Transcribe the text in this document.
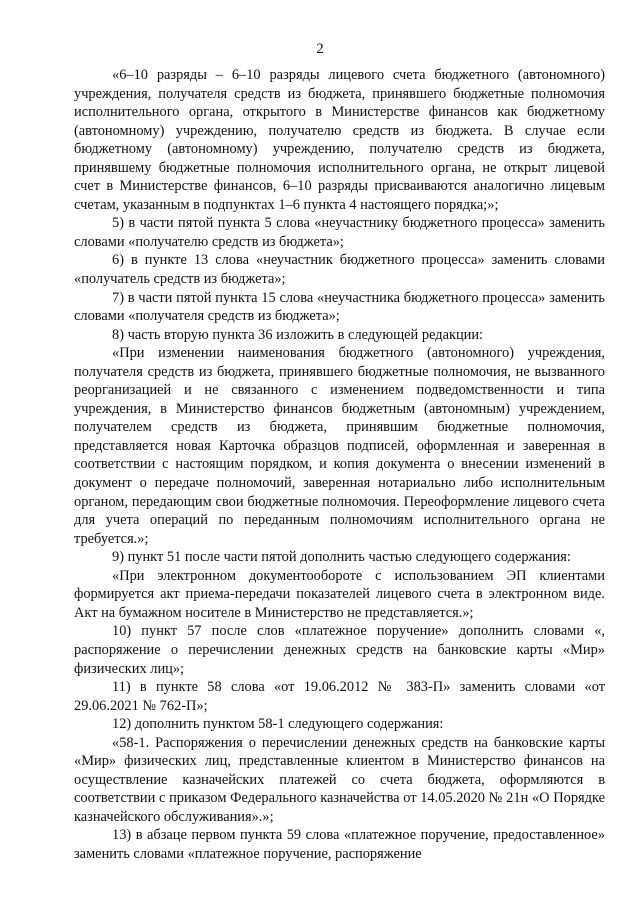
2

«6–10 разряды – 6–10 разряды лицевого счета бюджетного (автономного) учреждения, получателя средств из бюджета, принявшего бюджетные полномочия исполнительного органа, открытого в Министерстве финансов как бюджетному (автономному) учреждению, получателю средств из бюджета. В случае если бюджетному (автономному) учреждению, получателю средств из бюджета, принявшему бюджетные полномочия исполнительного органа, не открыт лицевой счет в Министерстве финансов, 6–10 разряды присваиваются аналогично лицевым счетам, указанным в подпунктах 1–6 пункта 4 настоящего порядка;»;

5) в части пятой пункта 5 слова «неучастнику бюджетного процесса» заменить словами «получателю средств из бюджета»;

6) в пункте 13 слова «неучастник бюджетного процесса» заменить словами «получатель средств из бюджета»;

7) в части пятой пункта 15 слова «неучастника бюджетного процесса» заменить словами «получателя средств из бюджета»;

8) часть вторую пункта 36 изложить в следующей редакции:

«При изменении наименования бюджетного (автономного) учреждения, получателя средств из бюджета, принявшего бюджетные полномочия, не вызванного реорганизацией и не связанного с изменением подведомственности и типа учреждения, в Министерство финансов бюджетным (автономным) учреждением, получателем средств из бюджета, принявшим бюджетные полномочия, представляется новая Карточка образцов подписей, оформленная и заверенная в соответствии с настоящим порядком, и копия документа о внесении изменений в документ о передаче полномочий, заверенная нотариально либо исполнительным органом, передающим свои бюджетные полномочия. Переоформление лицевого счета для учета операций по переданным полномочиям исполнительного органа не требуется.»;

9) пункт 51 после части пятой дополнить частью следующего содержания:

«При электронном документообороте с использованием ЭП клиентами формируется акт приема-передачи показателей лицевого счета в электронном виде. Акт на бумажном носителе в Министерство не представляется.»;

10) пункт 57 после слов «платежное поручение» дополнить словами «, распоряжение о перечислении денежных средств на банковские карты «Мир» физических лиц»;

11) в пункте 58 слова «от 19.06.2012 № 383-П» заменить словами «от 29.06.2021 № 762-П»;

12) дополнить пунктом 58-1 следующего содержания:

«58-1. Распоряжения о перечислении денежных средств на банковские карты «Мир» физических лиц, представленные клиентом в Министерство финансов на осуществление казначейских платежей со счета бюджета, оформляются в соответствии с приказом Федерального казначейства от 14.05.2020 № 21н «О Порядке казначейского обслуживания».»;

13) в абзаце первом пункта 59 слова «платежное поручение, предоставленное» заменить словами «платежное поручение, распоряжение
